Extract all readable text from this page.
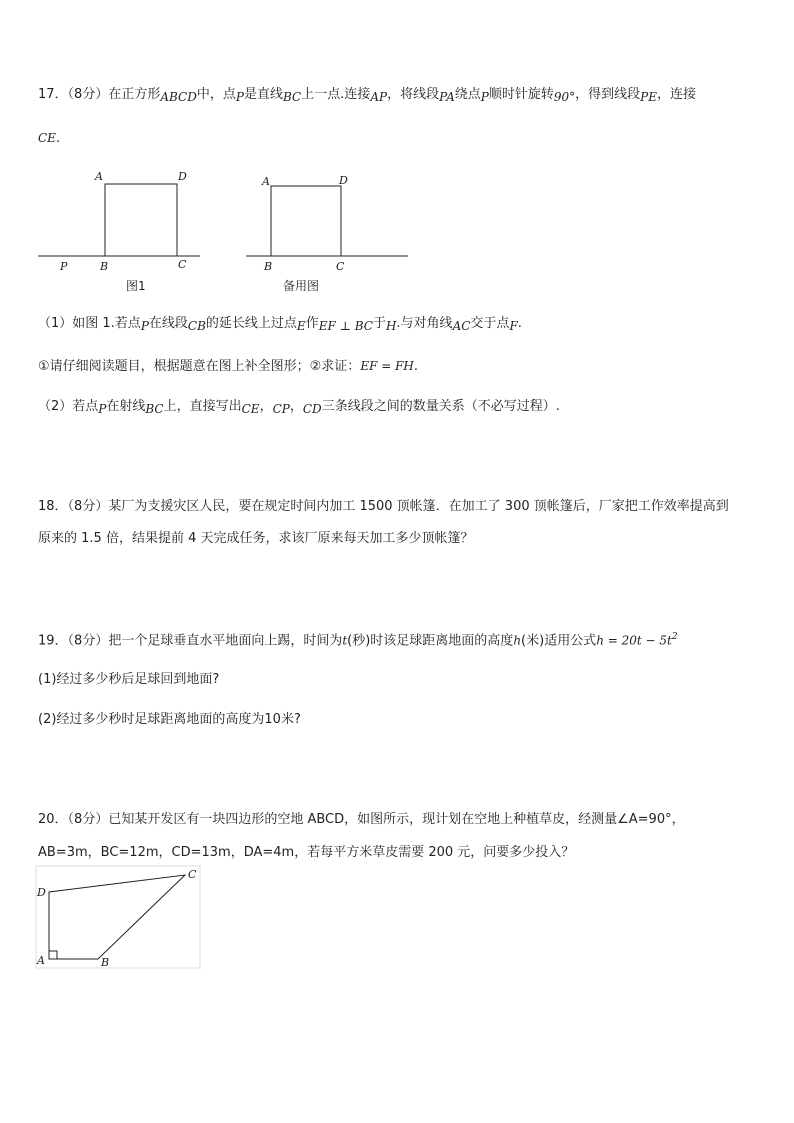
17．（8分）在正方形ABCD中，点P是直线BC上一点.连接AP，将线段PA绕点P顺时针旋转90°，得到线段PE，连接
CE.
A	D
P	B	C
图1
A	D
B	C
备用图
（1）如图 1.若点P在线段CB的延长线上过点E作EF ⊥ BC于H.与对角线AC交于点F.
①请仔细阅读题目，根据题意在图上补全图形；②求证：EF = FH.
（2）若点P在射线BC上，直接写出CE，CP，CD三条线段之间的数量关系（不必写过程）.
18．（8分）某厂为支援灾区人民，要在规定时间内加工 1500 顶帐篷．在加工了 300 顶帐篷后，厂家把工作效率提高到
原来的 1.5 倍，结果提前 4 天完成任务，求该厂原来每天加工多少顶帐篷？
19．（8分）把一个足球垂直水平地面向上踢，时间为t(秒)时该足球距离地面的高度h(米)适用公式$h = 20t - 5t^2$
(1)经过多少秒后足球回到地面?
(2)经过多少秒时足球距离地面的高度为10米?
20．（8分）已知某开发区有一块四边形的空地 ABCD，如图所示，现计划在空地上种植草皮，经测量∠A=90°，
AB=3m，BC=12m，CD=13m，DA=4m，若每平方米草皮需要 200 元，问要多少投入？
A	B
C
D
